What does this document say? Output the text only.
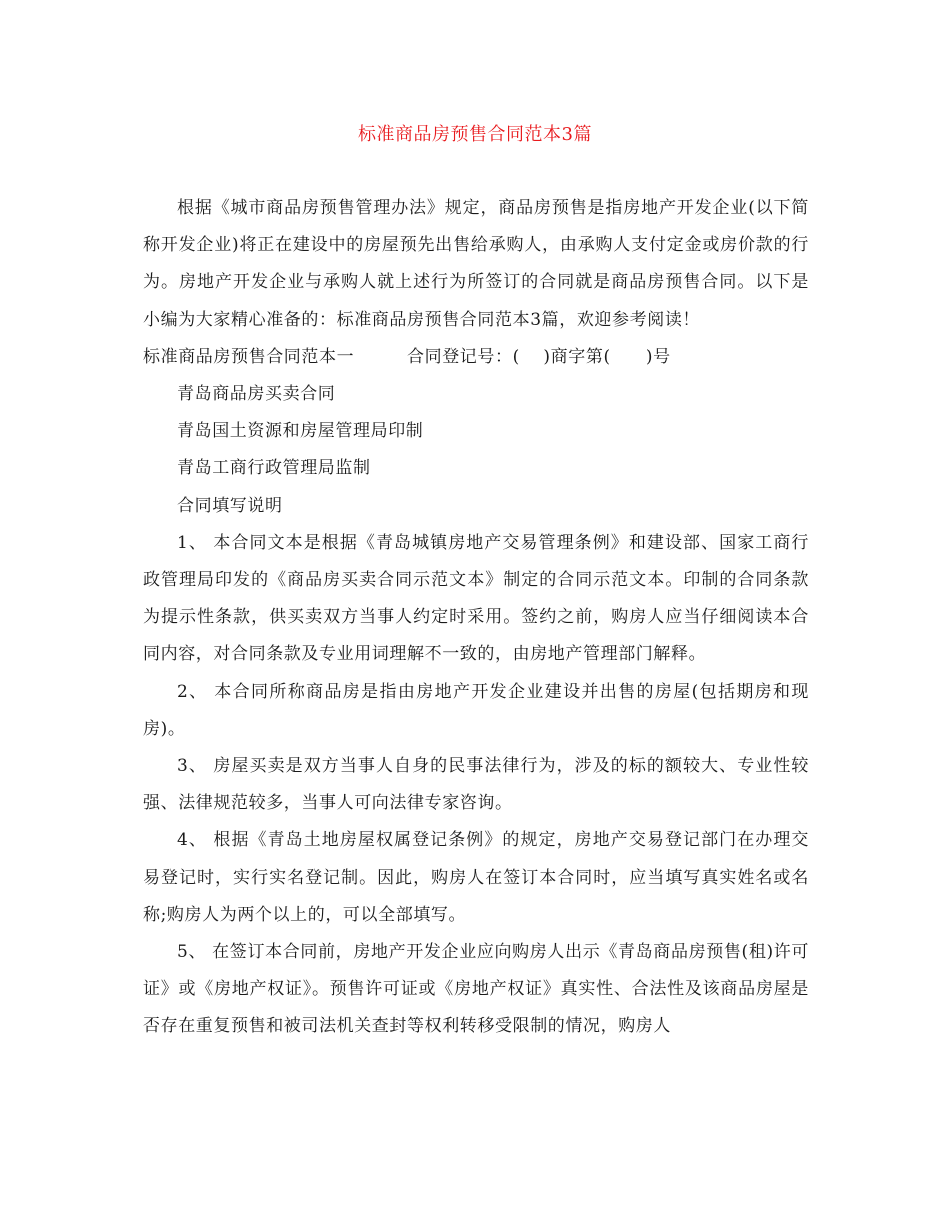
标准商品房预售合同范本3篇

根据《城市商品房预售管理办法》规定，商品房预售是指房地产开发企业(以下简称开发企业)将正在建设中的房屋预先出售给承购人，由承购人支付定金或房价款的行为。房地产开发企业与承购人就上述行为所签订的合同就是商品房预售合同。以下是小编为大家精心准备的：标准商品房预售合同范本3篇，欢迎参考阅读！

标准商品房预售合同范本一　　　合同登记号：(　 )商字第(　　)号

青岛商品房买卖合同

青岛国土资源和房屋管理局印制

青岛工商行政管理局监制

合同填写说明

1、 本合同文本是根据《青岛城镇房地产交易管理条例》和建设部、国家工商行政管理局印发的《商品房买卖合同示范文本》制定的合同示范文本。印制的合同条款为提示性条款，供买卖双方当事人约定时采用。签约之前，购房人应当仔细阅读本合同内容，对合同条款及专业用词理解不一致的，由房地产管理部门解释。

2、 本合同所称商品房是指由房地产开发企业建设并出售的房屋(包括期房和现房)。

3、 房屋买卖是双方当事人自身的民事法律行为，涉及的标的额较大、专业性较强、法律规范较多，当事人可向法律专家咨询。

4、 根据《青岛土地房屋权属登记条例》的规定，房地产交易登记部门在办理交易登记时，实行实名登记制。因此，购房人在签订本合同时，应当填写真实姓名或名称;购房人为两个以上的，可以全部填写。

5、 在签订本合同前，房地产开发企业应向购房人出示《青岛商品房预售(租)许可证》或《房地产权证》。预售许可证或《房地产权证》真实性、合法性及该商品房屋是否存在重复预售和被司法机关查封等权利转移受限制的情况，购房人
